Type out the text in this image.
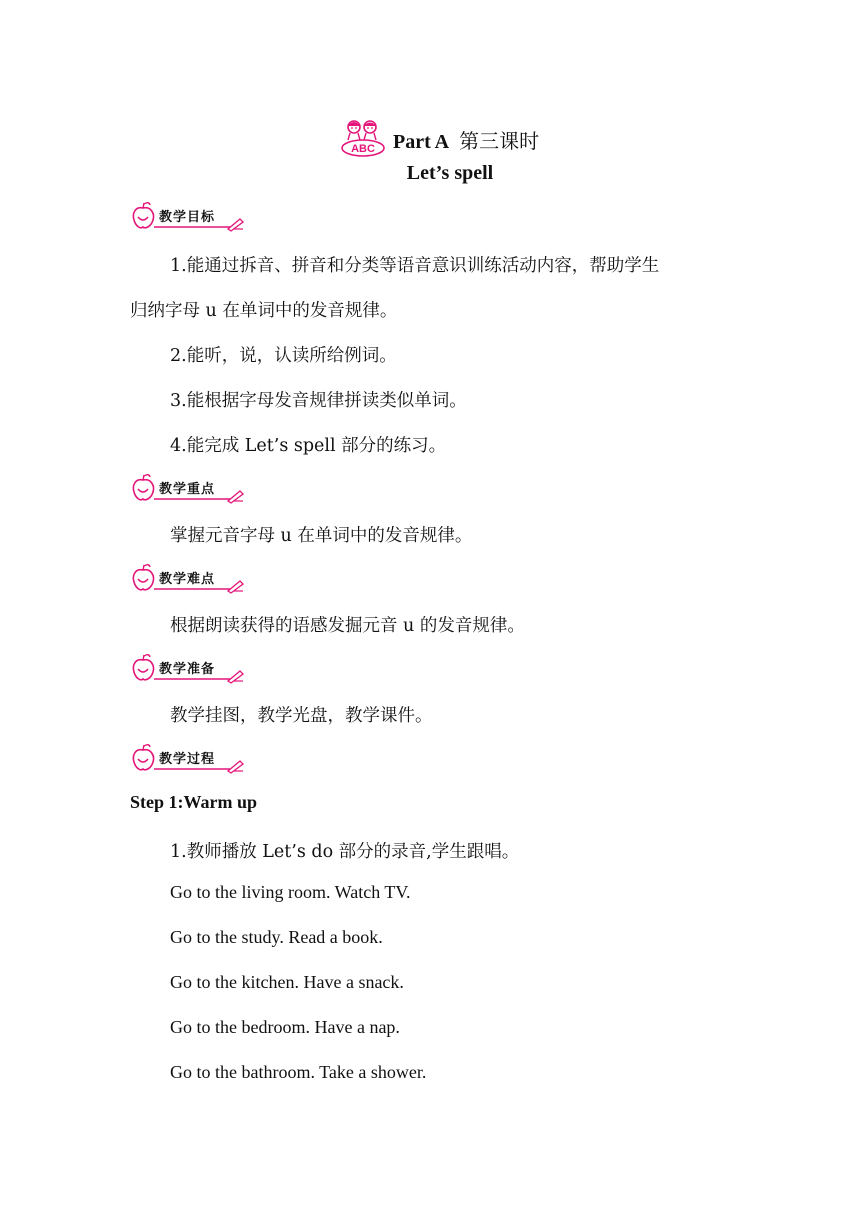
ABC Part A 第三课时
Let’s spell
教学目标
1.能通过拆音、拼音和分类等语音意识训练活动内容，帮助学生
归纳字母 u 在单词中的发音规律。
2.能听，说，认读所给例词。
3.能根据字母发音规律拼读类似单词。
4.能完成 Let’s spell 部分的练习。
教学重点
掌握元音字母 u 在单词中的发音规律。
教学难点
根据朗读获得的语感发掘元音 u 的发音规律。
教学准备
教学挂图，教学光盘，教学课件。
教学过程
Step 1:Warm up
1.教师播放 Let’s do 部分的录音,学生跟唱。
Go to the living room. Watch TV.
Go to the study. Read a book.
Go to the kitchen. Have a snack.
Go to the bedroom. Have a nap.
Go to the bathroom. Take a shower.
